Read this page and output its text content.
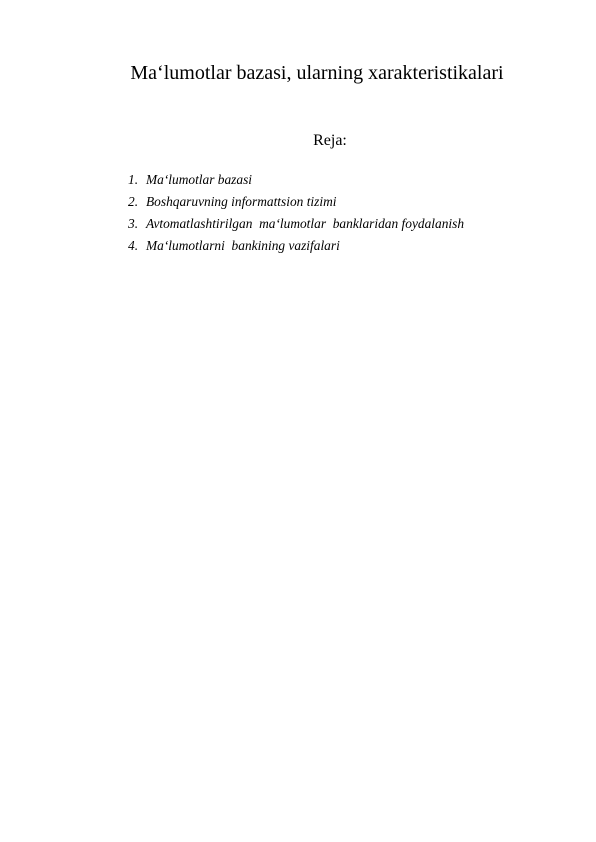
Ma‘lumotlar bazasi, ularning xarakteristikalari
Reja:
1. Ma‘lumotlar bazasi
2. Boshqaruvning informattsion tizimi
3. Avtomatlashtirilgan  ma‘lumotlar  banklaridan foydalanish
4. Ma‘lumotlarni  bankining vazifalari
